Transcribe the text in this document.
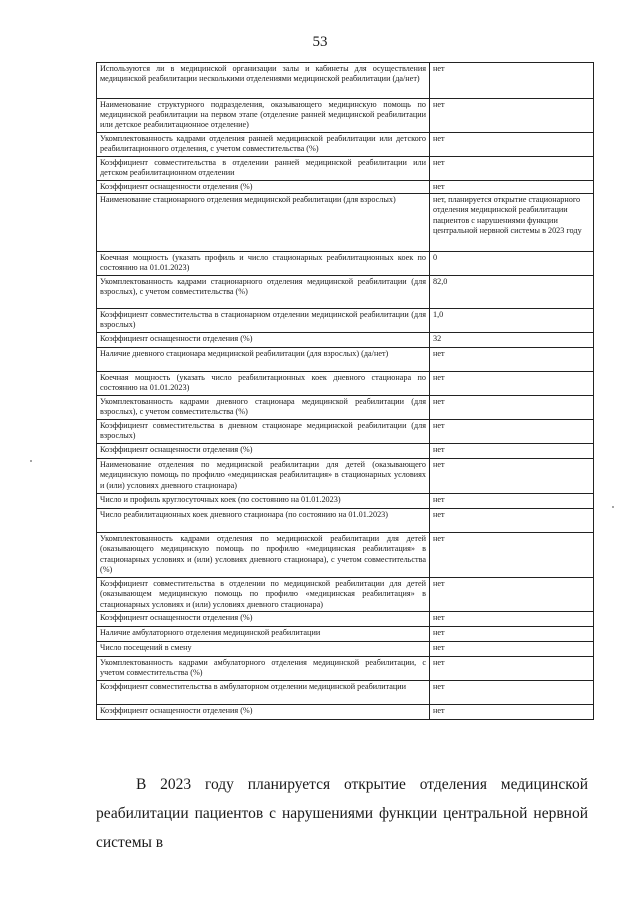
53
Используются ли в медицинской организации залы и кабинеты для осуществления медицинской реабилитации несколькими отделениями медицинской реабилитации (да/нет)	нет
Наименование структурного подразделения, оказывающего медицинскую помощь по медицинской реабилитации на первом этапе (отделение ранней медицинской реабилитации или детское реабилитационное отделение)	нет
Укомплектованность кадрами отделения ранней медицинской реабилитации или детского реабилитационного отделения, с учетом совместительства (%)	нет
Коэффициент совместительства в отделении ранней медицинской реабилитации или детском реабилитационном отделении	нет
Коэффициент оснащенности отделения (%)	нет
Наименование стационарного отделения медицинской реабилитации (для взрослых)	нет, планируется открытие стационарного отделения медицинской реабилитации пациентов с нарушениями функции центральной нервной системы в 2023 году
Коечная мощность (указать профиль и число стационарных реабилитационных коек по состоянию на 01.01.2023)	0
Укомплектованность кадрами стационарного отделения медицинской реабилитации (для взрослых), с учетом совместительства (%)	82,0
Коэффициент совместительства в стационарном отделении медицинской реабилитации (для взрослых)	1,0
Коэффициент оснащенности отделения (%)	32
Наличие дневного стационара медицинской реабилитации (для взрослых) (да/нет)	нет
Коечная мощность (указать число реабилитационных коек дневного стационара по состоянию на 01.01.2023)	нет
Укомплектованность кадрами дневного стационара медицинской реабилитации (для взрослых), с учетом совместительства (%)	нет
Коэффициент совместительства в дневном стационаре медицинской реабилитации (для взрослых)	нет
Коэффициент оснащенности отделения (%)	нет
Наименование отделения по медицинской реабилитации для детей (оказывающего медицинскую помощь по профилю «медицинская реабилитация» в стационарных условиях и (или) условиях дневного стационара)	нет
Число и профиль круглосуточных коек (по состоянию на 01.01.2023)	нет
Число реабилитационных коек дневного стационара (по состоянию на 01.01.2023)	нет
Укомплектованность кадрами отделения по медицинской реабилитации для детей (оказывающего медицинскую помощь по профилю «медицинская реабилитация» в стационарных условиях и (или) условиях дневного стационара), с учетом совместительства (%)	нет
Коэффициент совместительства в отделении по медицинской реабилитации для детей (оказывающем медицинскую помощь по профилю «медицинская реабилитация» в стационарных условиях и (или) условиях дневного стационара)	нет
Коэффициент оснащенности отделения (%)	нет
Наличие амбулаторного отделения медицинской реабилитации	нет
Число посещений в смену	нет
Укомплектованность кадрами амбулаторного отделения медицинской реабилитации, с учетом совместительства (%)	нет
Коэффициент совместительства в амбулаторном отделении медицинской реабилитации	нет
Коэффициент оснащенности отделения (%)	нет

В 2023 году планируется открытие отделения медицинской реабилитации пациентов с нарушениями функции центральной нервной системы в
